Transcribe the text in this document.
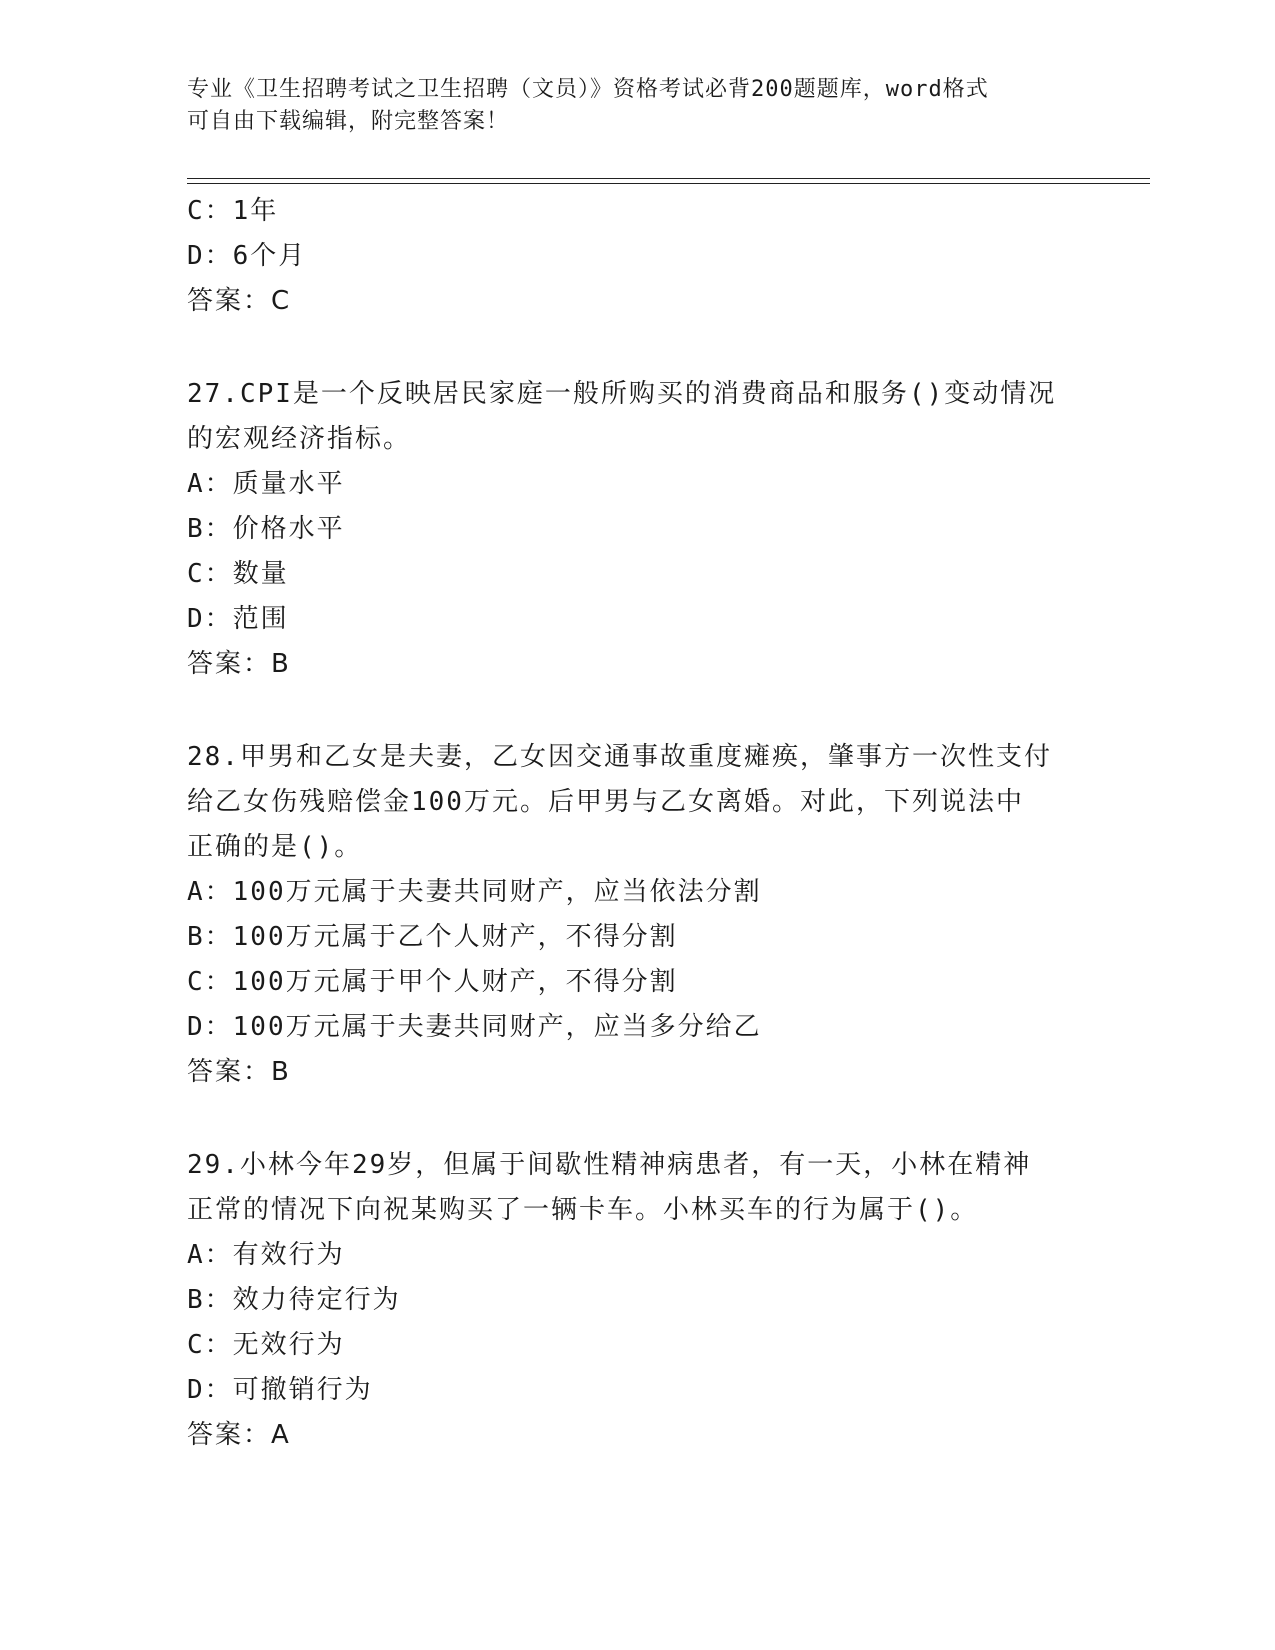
专业《卫生招聘考试之卫生招聘（文员）》资格考试必背200题题库，word格式
可自由下载编辑，附完整答案！
C：1年
D：6个月
答案：C
27.CPI是一个反映居民家庭一般所购买的消费商品和服务()变动情况
的宏观经济指标。
A：质量水平
B：价格水平
C：数量
D：范围
答案：B
28.甲男和乙女是夫妻，乙女因交通事故重度瘫痪，肇事方一次性支付
给乙女伤残赔偿金100万元。后甲男与乙女离婚。对此，下列说法中
正确的是()。
A：100万元属于夫妻共同财产，应当依法分割
B：100万元属于乙个人财产，不得分割
C：100万元属于甲个人财产，不得分割
D：100万元属于夫妻共同财产，应当多分给乙
答案：B
29.小林今年29岁，但属于间歇性精神病患者，有一天，小林在精神
正常的情况下向祝某购买了一辆卡车。小林买车的行为属于()。
A：有效行为
B：效力待定行为
C：无效行为
D：可撤销行为
答案：A
